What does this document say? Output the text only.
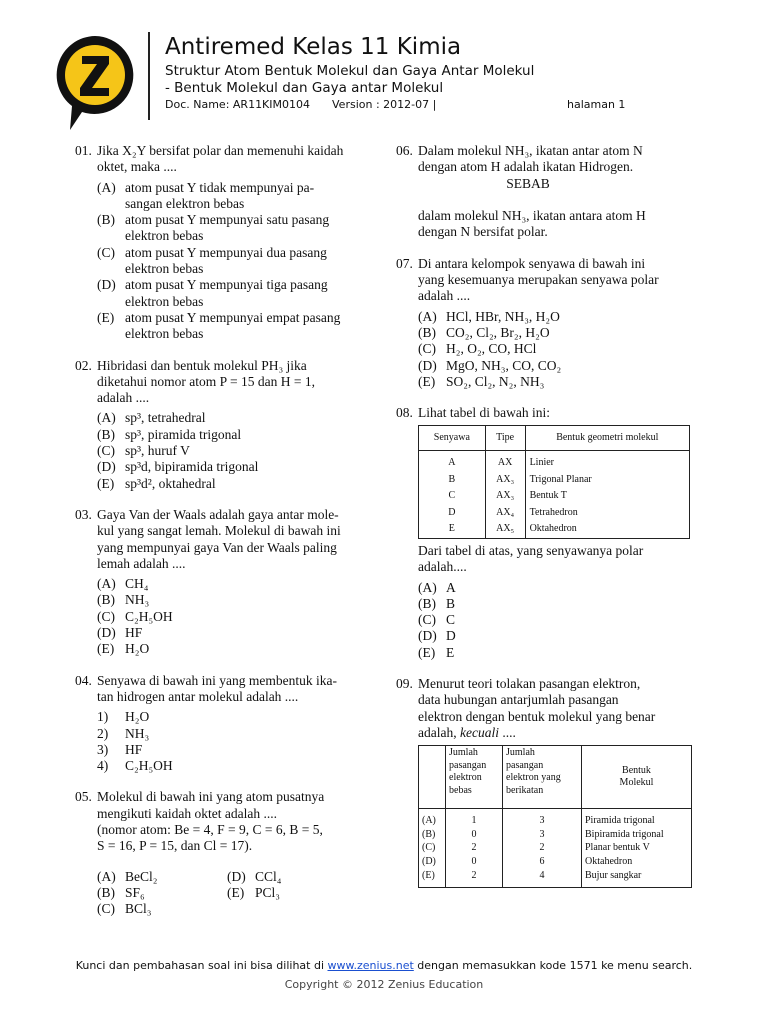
Antiremed Kelas 11 Kimia
Struktur Atom Bentuk Molekul dan Gaya Antar Molekul
- Bentuk Molekul dan Gaya antar Molekul
Doc. Name: AR11KIM0104 Version : 2012-07 |	halaman 1
01. Jika X₂Y bersifat polar dan memenuhi kaidah oktet, maka ....
(A) atom pusat Y tidak mempunyai pa-
sangan elektron bebas
(B) atom pusat Y mempunyai satu pasang
elektron bebas
(C) atom pusat Y mempunyai dua pasang
elektron bebas
(D) atom pusat Y mempunyai tiga pasang
elektron bebas
(E) atom pusat Y mempunyai empat pasang
elektron bebas
02. Hibridasi dan bentuk molekul PH₃ jika
diketahui nomor atom P = 15 dan H = 1,
adalah ....
(A) sp³, tetrahedral
(B) sp³, piramida trigonal
(C) sp³, huruf V
(D) sp³d, bipiramida trigonal
(E) sp³d², oktahedral
03. Gaya Van der Waals adalah gaya antar mole-
kul yang sangat lemah. Molekul di bawah ini
yang mempunyai gaya Van der Waals paling
lemah adalah ....
(A) CH₄
(B) NH₃
(C) C₂H₅OH
(D) HF
(E) H₂O
04. Senyawa di bawah ini yang membentuk ika-
tan hidrogen antar molekul adalah ....
1)	H₂O
2)	NH₃
3)	HF
4)	C₂H₅OH
05. Molekul di bawah ini yang atom pusatnya
mengikuti kaidah oktet adalah ....
(nomor atom: Be = 4, F = 9, C = 6, B = 5,
S = 16, P = 15, dan Cl = 17).
(A) BeCl₂	(D) CCl₄
(B) SF₆	(E) PCl₃
(C) BCl₃
06. Dalam molekul NH₃, ikatan antar atom N
dengan atom H adalah ikatan Hidrogen.

SEBAB

dalam molekul NH₃, ikatan antara atom H
dengan N bersifat polar.
07. Di antara kelompok senyawa di bawah ini
yang kesemuanya merupakan senyawa polar
adalah ....
(A) HCl, HBr, NH₃, H₂O
(B) CO₂, Cl₂, Br₂, H₂O
(C) H₂, O₂, CO, HCl
(D) MgO, NH₃, CO, CO₂
(E) SO₂, Cl₂, N₂, NH₃
08. Lihat tabel di bawah ini:
Senyawa	Tipe	Bentuk geometri molekul
A	AX	Linier
B	AX₃	Trigonal Planar
C	AX₃	Bentuk T
D	AX₄	Tetrahedron
E	AX₅	Oktahedron
Dari tabel di atas, yang senyawanya polar
adalah....
(A) A
(B) B
(C) C
(D) D
(E) E
09. Menurut teori tolakan pasangan elektron,
data hubungan antarjumlah pasangan
elektron dengan bentuk molekul yang benar
adalah, kecuali ....
	Jumlah
pasangan
elektron
bebas	Jumlah
pasangan
elektron yang
berikatan	Bentuk
Molekul
(A)	1	3	Piramida trigonal
(B)	0	3	Bipiramida trigonal
(C)	2	2	Planar bentuk V
(D)	0	6	Oktahedron
(E)	2	4	Bujur sangkar
Kunci dan pembahasan soal ini bisa dilihat di www.zenius.net dengan memasukkan kode 1571 ke menu search.
Copyright © 2012 Zenius Education
